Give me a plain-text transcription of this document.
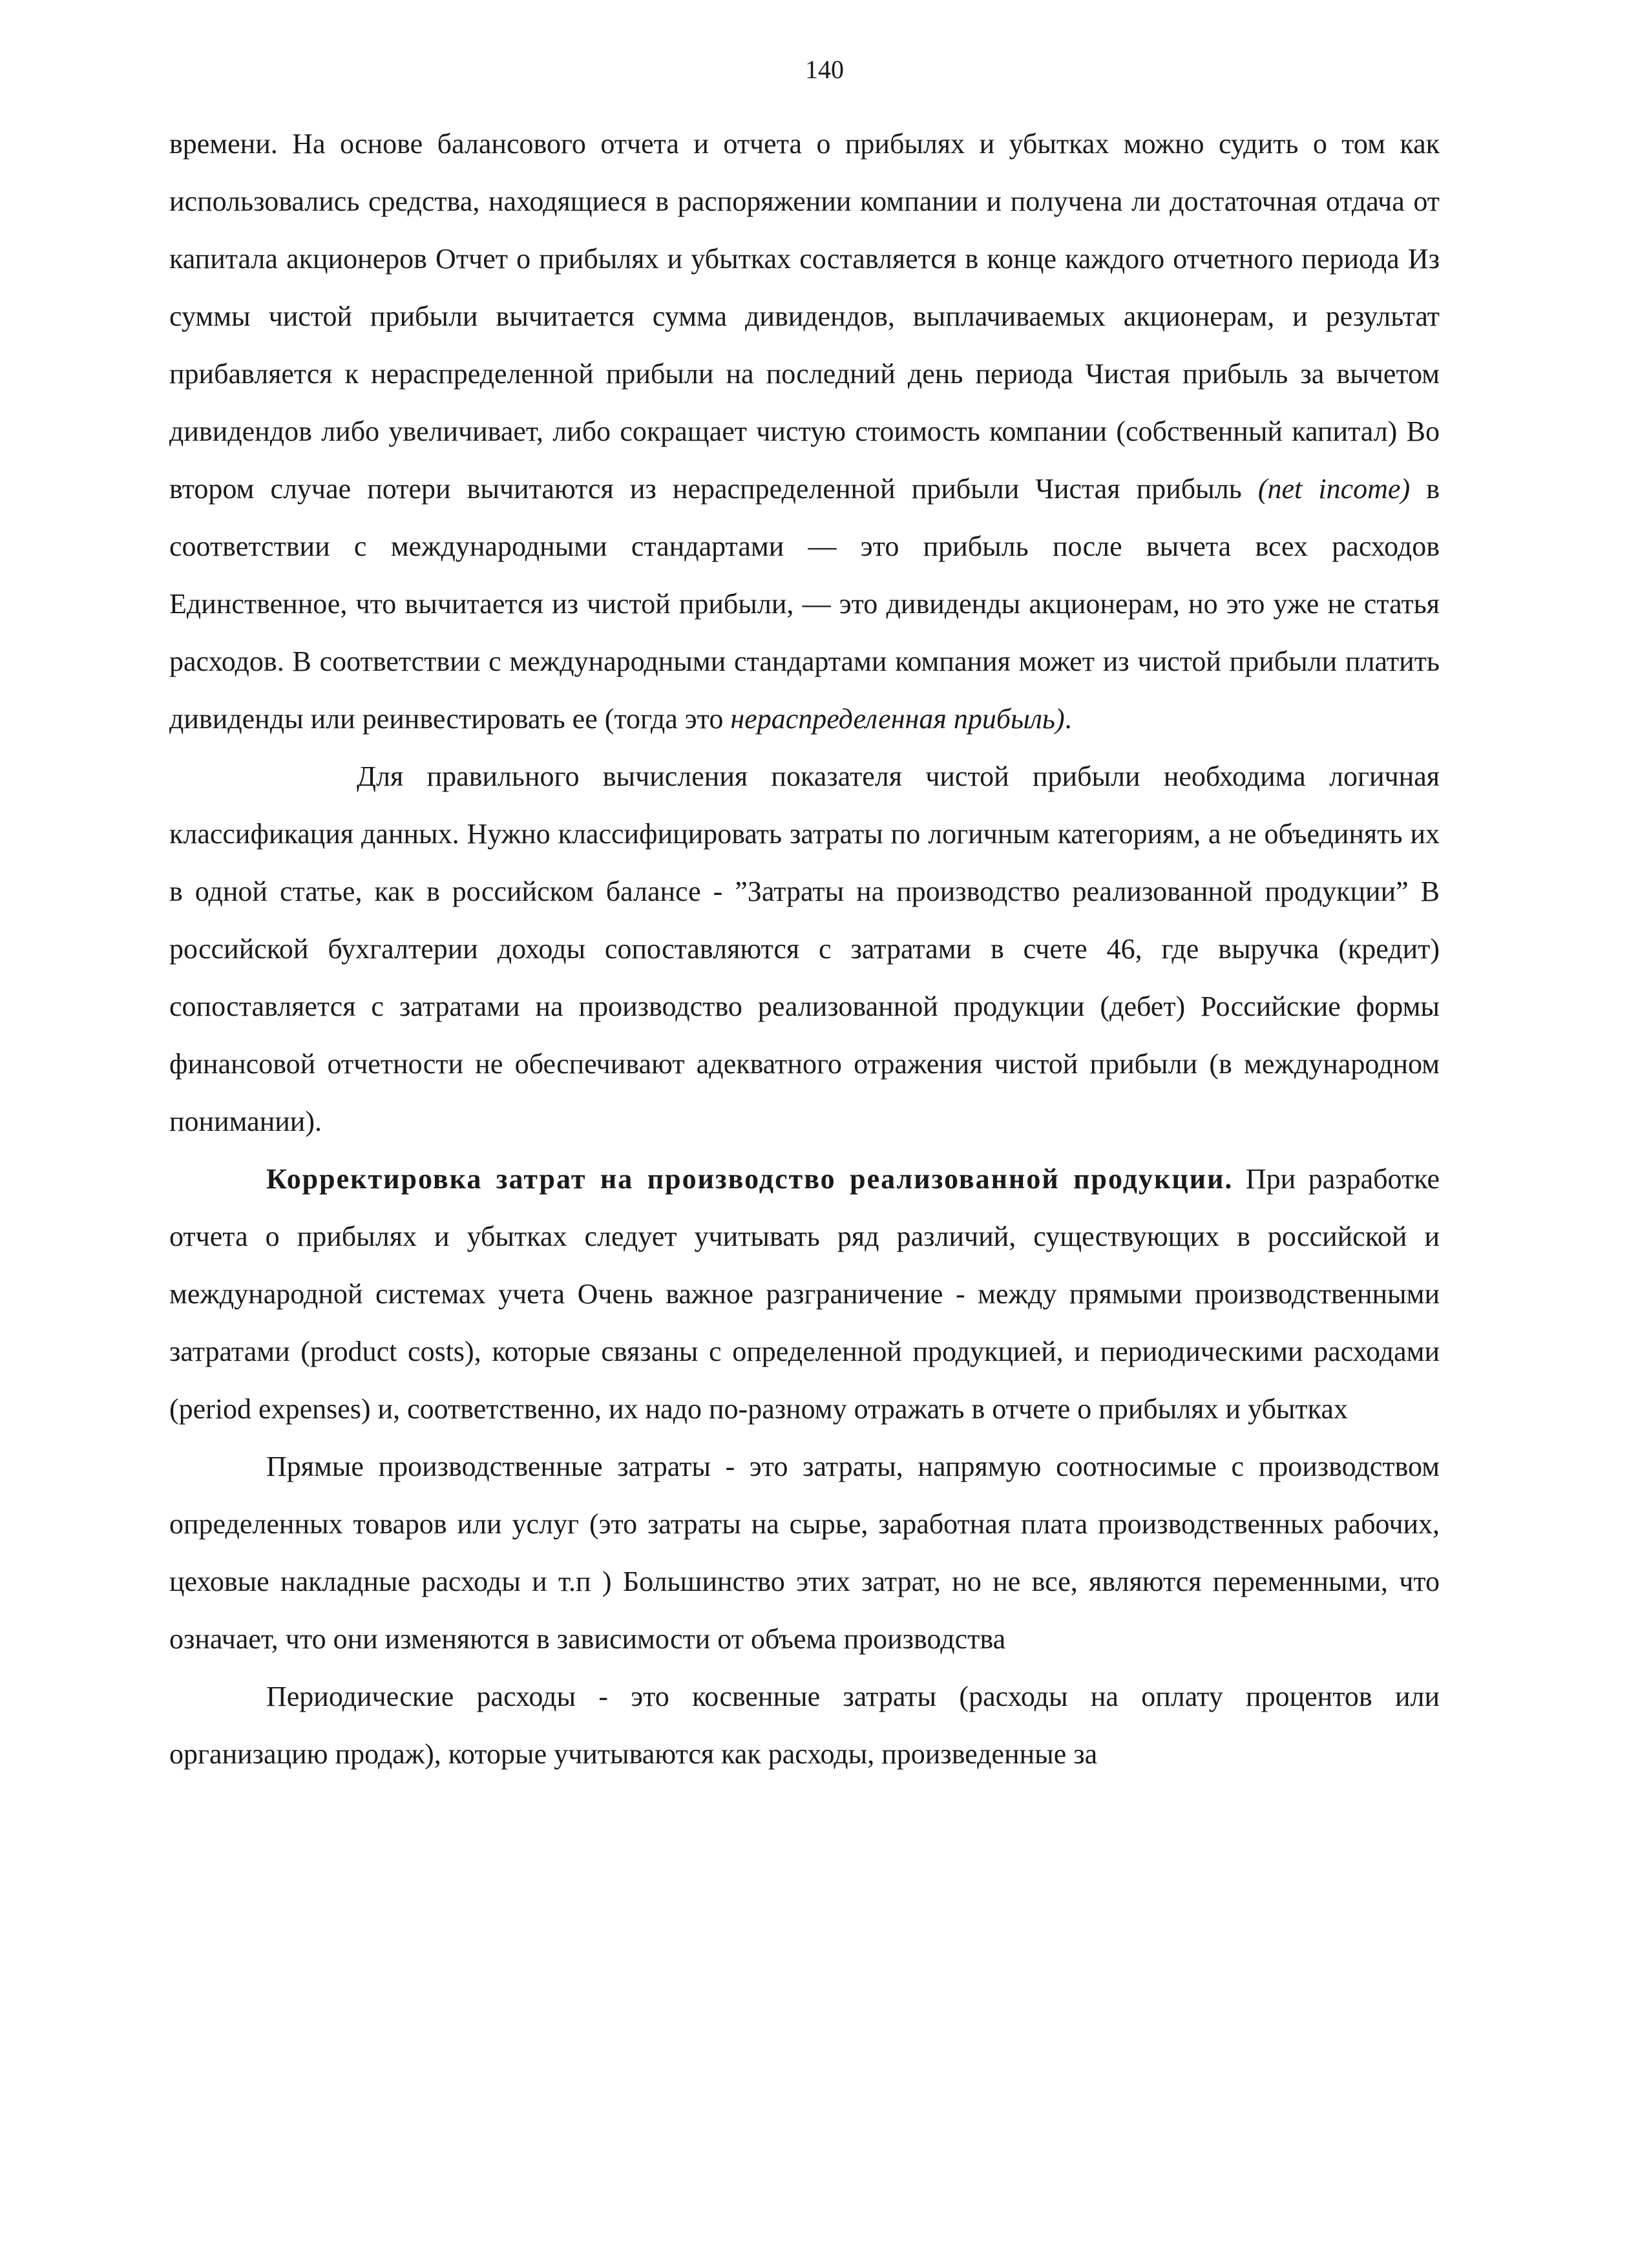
140

времени. На основе балансового отчета и отчета о прибылях и убытках можно судить о том как использовались средства, находящиеся в распоряжении компании и получена ли достаточная отдача от капитала акционеров Отчет о прибылях и убытках составляется в конце каждого отчетного периода Из суммы чистой прибыли вычитается сумма дивидендов, выплачиваемых акционерам, и результат прибавляется к нераспределенной прибыли на последний день периода Чистая прибыль за вычетом дивидендов либо увеличивает, либо сокращает чистую стоимость компании (собственный капитал) Во втором случае потери вычитаются из нераспределенной прибыли Чистая прибыль (net income) в соответствии с международными стандартами — это прибыль после вычета всех расходов Единственное, что вычитается из чистой прибыли, — это дивиденды акционерам, но это уже не статья расходов. В соответствии с международными стандартами компания может из чистой прибыли платить дивиденды или реинвестировать ее (тогда это нераспределенная прибыль).

Для правильного вычисления показателя чистой прибыли необходима логичная классификация данных. Нужно классифицировать затраты по логичным категориям, а не объединять их в одной статье, как в российском балансе - ”Затраты на производство реализованной продукции” В российской бухгалтерии доходы сопоставляются с затратами в счете 46, где выручка (кредит) сопоставляется с затратами на производство реализованной продукции (дебет) Российские формы финансовой отчетности не обеспечивают адекватного отражения чистой прибыли (в международном понимании).

Корректировка затрат на производство реализованной продукции. При разработке отчета о прибылях и убытках следует учитывать ряд различий, существующих в российской и международной системах учета Очень важное разграничение - между прямыми производственными затратами (product costs), которые связаны с определенной продукцией, и периодическими расходами (period expenses) и, соответственно, их надо по-разному отражать в отчете о прибылях и убытках

Прямые производственные затраты - это затраты, напрямую соотносимые с производством определенных товаров или услуг (это затраты на сырье, заработная плата производственных рабочих, цеховые накладные расходы и т.п ) Большинство этих затрат, но не все, являются переменными, что означает, что они изменяются в зависимости от объема производства

Периодические расходы - это косвенные затраты (расходы на оплату процентов или организацию продаж), которые учитываются как расходы, произведенные за
